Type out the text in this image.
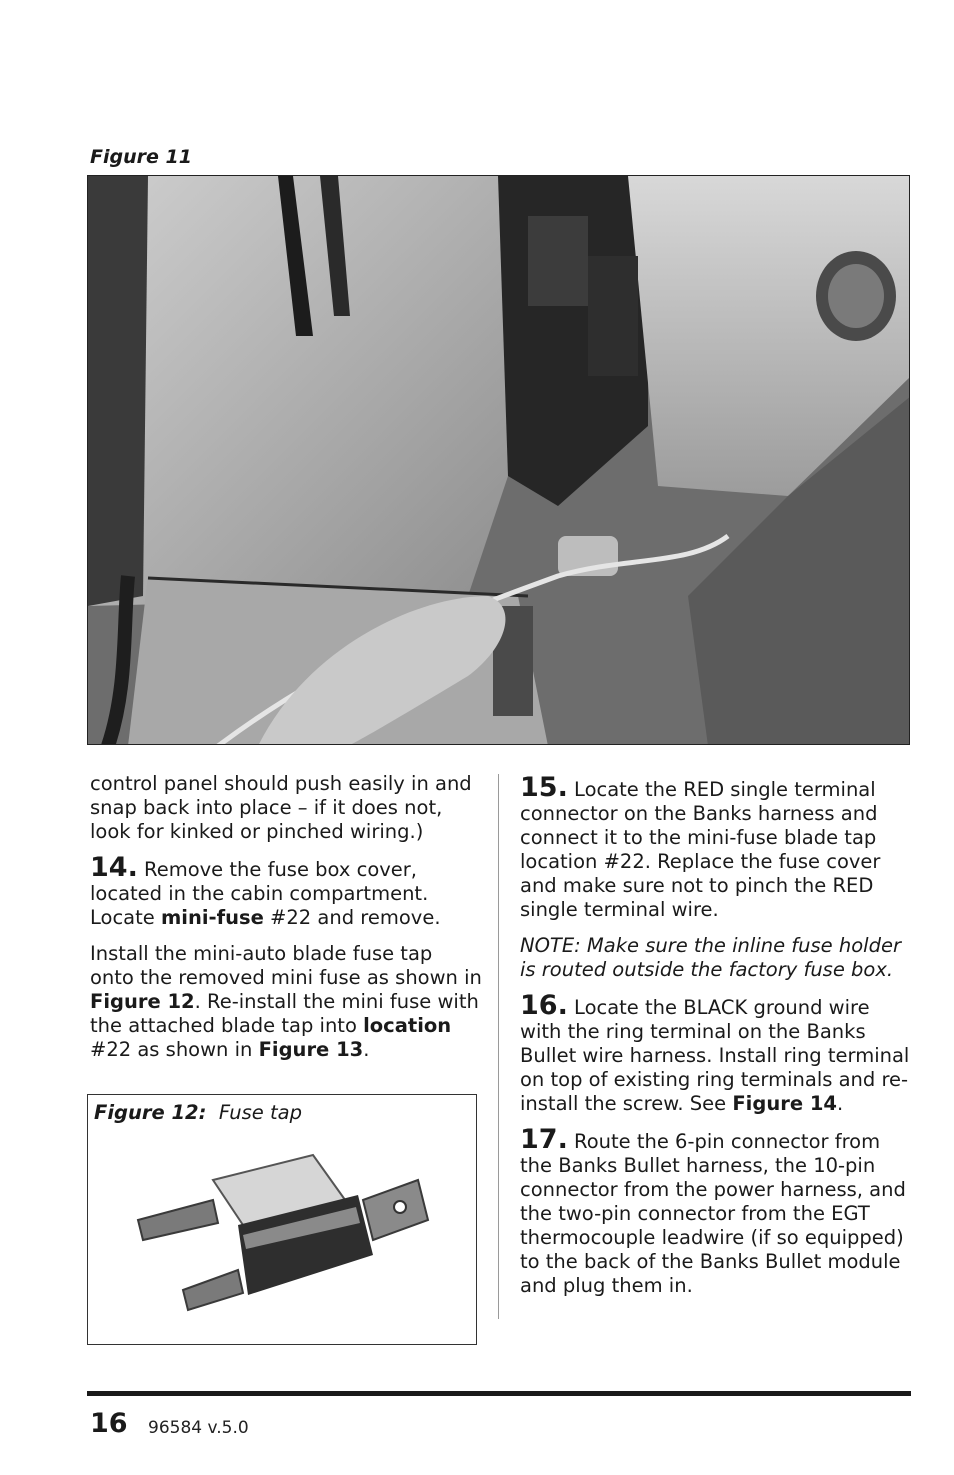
Figure 11

control panel should push easily in and snap back into place – if it does not, look for kinked or pinched wiring.)

14. Remove the fuse box cover, located in the cabin compartment. Locate mini-fuse #22 and remove.

Install the mini-auto blade fuse tap onto the removed mini fuse as shown in Figure 12. Re-install the mini fuse with the attached blade tap into location #22 as shown in Figure 13.

Figure 12: Fuse tap

15. Locate the RED single terminal connector on the Banks harness and connect it to the mini-fuse blade tap location #22. Replace the fuse cover and make sure not to pinch the RED single terminal wire.

NOTE: Make sure the inline fuse holder is routed outside the factory fuse box.

16. Locate the BLACK ground wire with the ring terminal on the Banks Bullet wire harness. Install ring terminal on top of existing ring terminals and re-install the screw. See Figure 14.

17. Route the 6-pin connector from the Banks Bullet harness, the 10-pin connector from the power harness, and the two-pin connector from the EGT thermocouple leadwire (if so equipped) to the back of the Banks Bullet module and plug them in.

16 96584 v.5.0
